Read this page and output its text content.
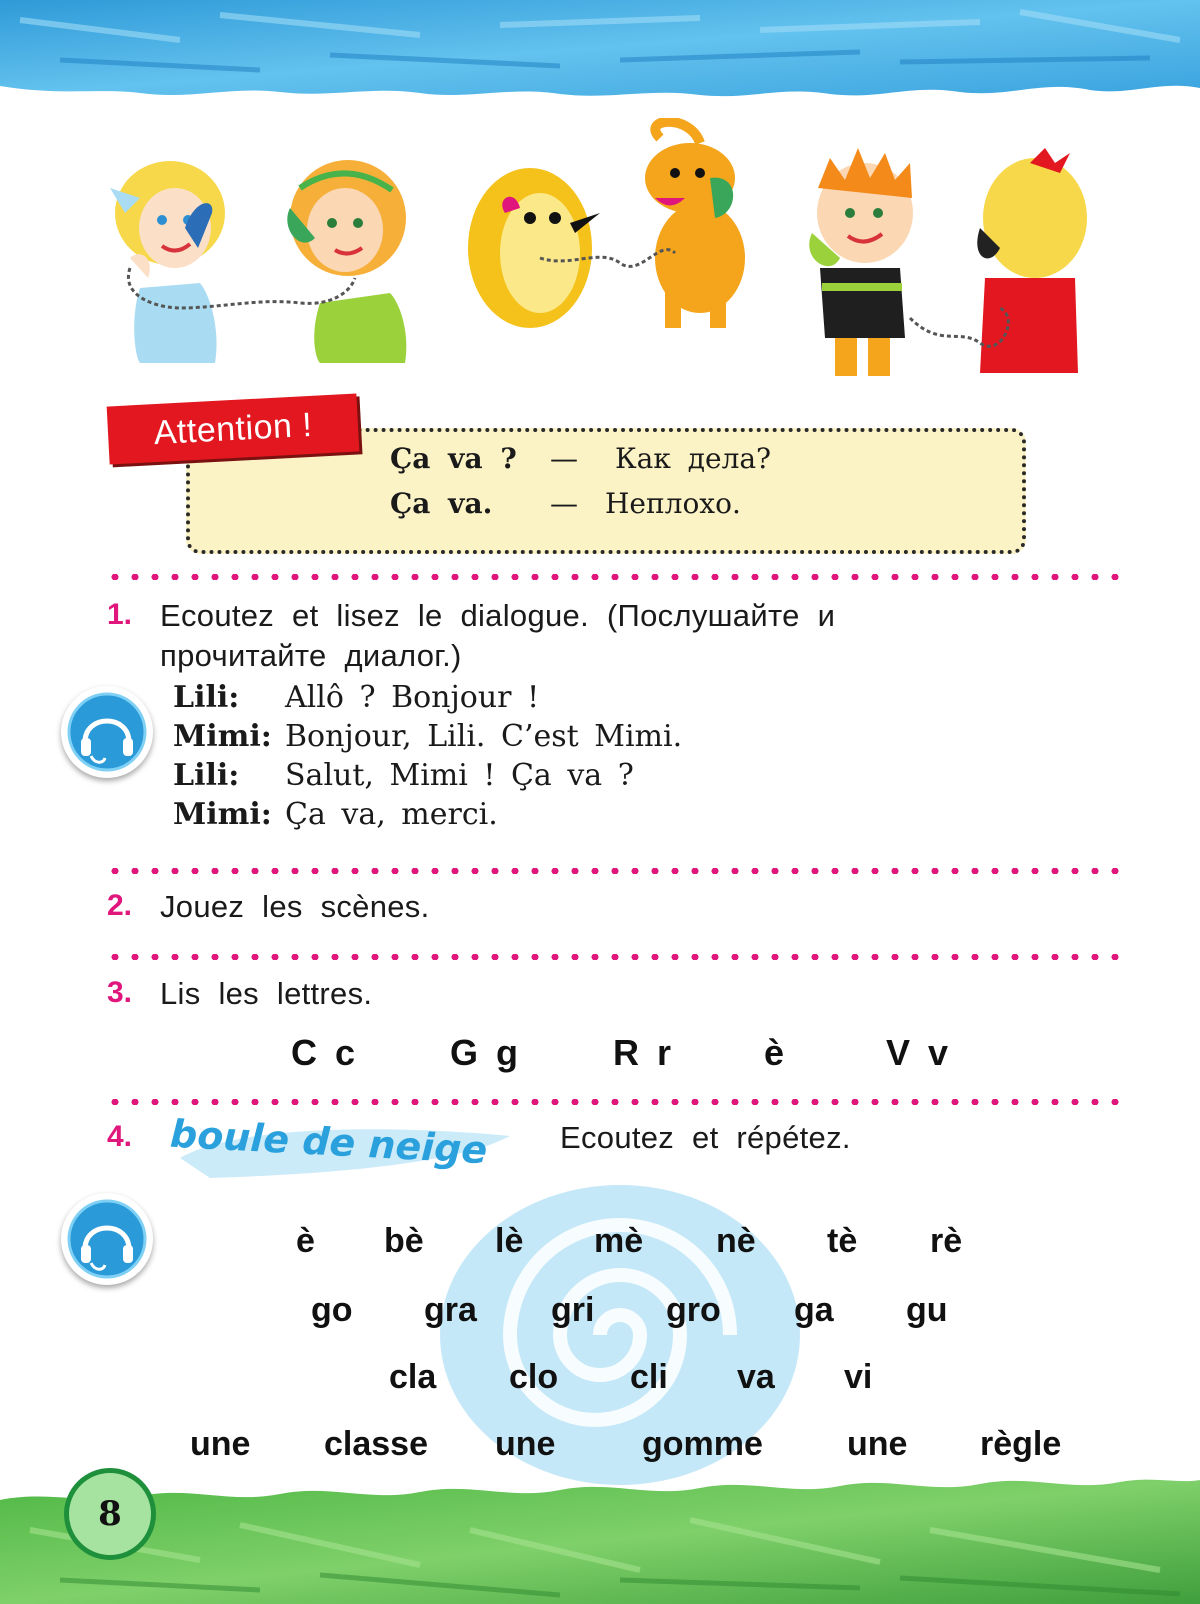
Ça va ? — Как дела?
Ça va. — Неплохо.
Attention !
1. Ecoutez et lisez le dialogue. (Послушайте и
прочитайте диалог.)
Lili: Allô ? Bonjour !
Mimi: Bonjour, Lili. C’est Mimi.
Lili: Salut, Mimi ! Ça va ?
Mimi: Ça va, merci.
2. Jouez les scènes.
3. Lis les lettres.
C c	G g	R r è	V v
4. boule de neige Ecoutez et répétez.
è bè lè mè nè tè rè
go gra gri gro ga gu
cla clo cli va vi
une classe une	gomme une règle
8
